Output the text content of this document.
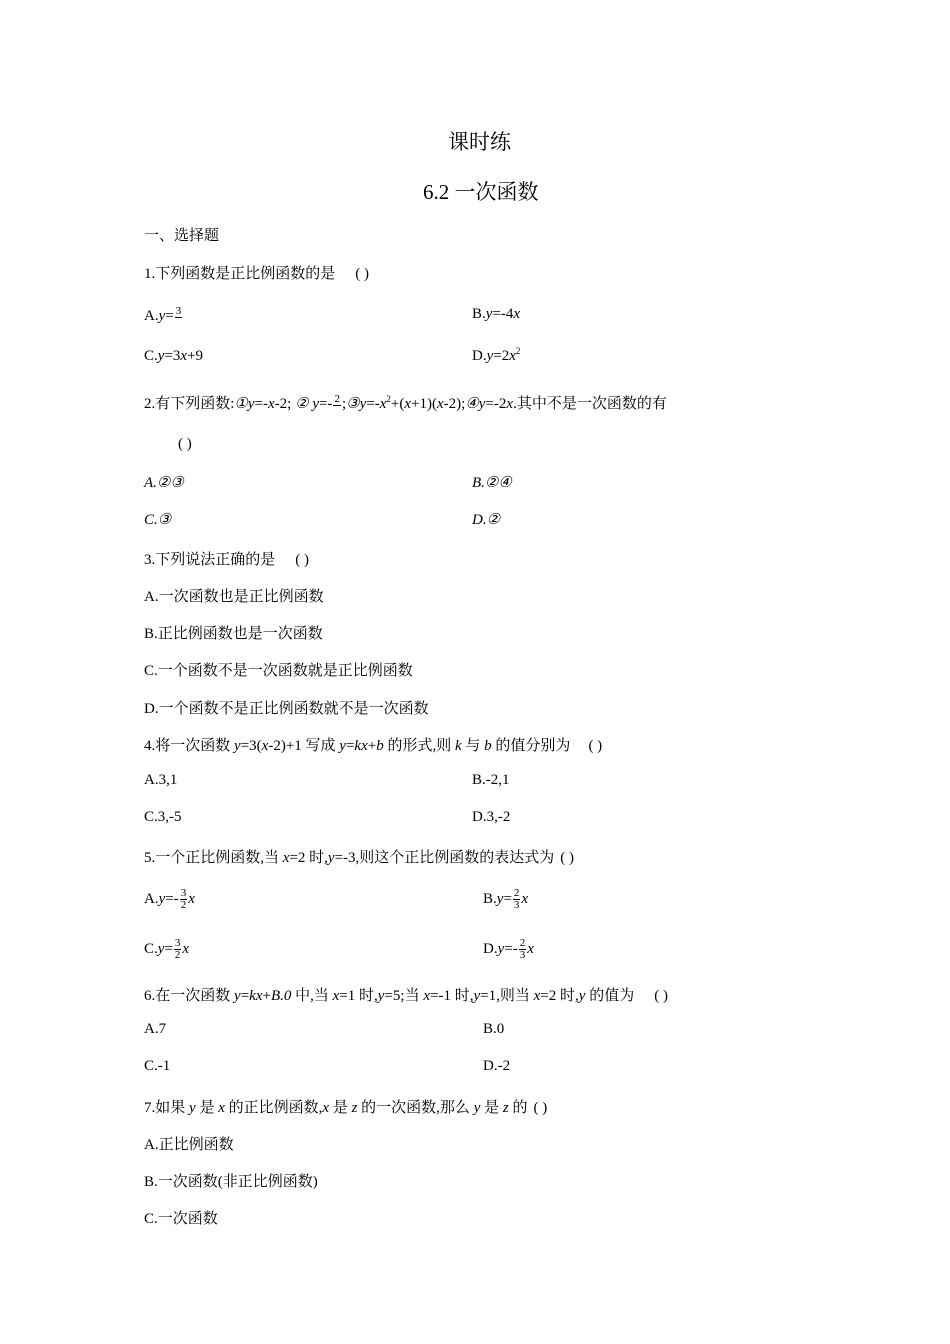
课时练
6.2 一次函数
一、选择题
1.下列函数是正比例函数的是 ( )
A.y= 3	B.y=-4x
C.y=3x+9	$D.y=2x^2$
2.有下列函数:①y=-x-2; ② y=- 2 $;③y=-x^2+(x+1)(x-2);④y=-2x$.其中不是一次函数的有
( )
A.②③	B.②④
C.③	D.②
3.下列说法正确的是 ( )
A.一次函数也是正比例函数
B.正比例函数也是一次函数
C.一个函数不是一次函数就是正比例函数
D.一个函数不是正比例函数就不是一次函数
4.将一次函数 y=3(x-2)+1 写成 y=kx+b 的形式,则 k 与 b 的值分别为 ( )
A.3,1	B.-2,1
C.3,-5	D.3,-2
5.一个正比例函数,当 x=2 时,y=-3,则这个正比例函数的表达式为 ( )
$A.y=- \frac{3}{2}$ x	$B.y= \frac{2}{3}$ x
$C.y= \frac{3}{2}$ x	$D.y=- \frac{2}{3}$ x
6.在一次函数 y=kx+B.0 中,当 x=1 时,y=5;当 x=-1 时,y=1,则当 x=2 时,y 的值为 ( )
A.7	B.0
C.-1	D.-2
7.如果 y 是 x 的正比例函数,x 是 z 的一次函数,那么 y 是 z 的 ( )
A.正比例函数
B.一次函数(非正比例函数)
C.一次函数
